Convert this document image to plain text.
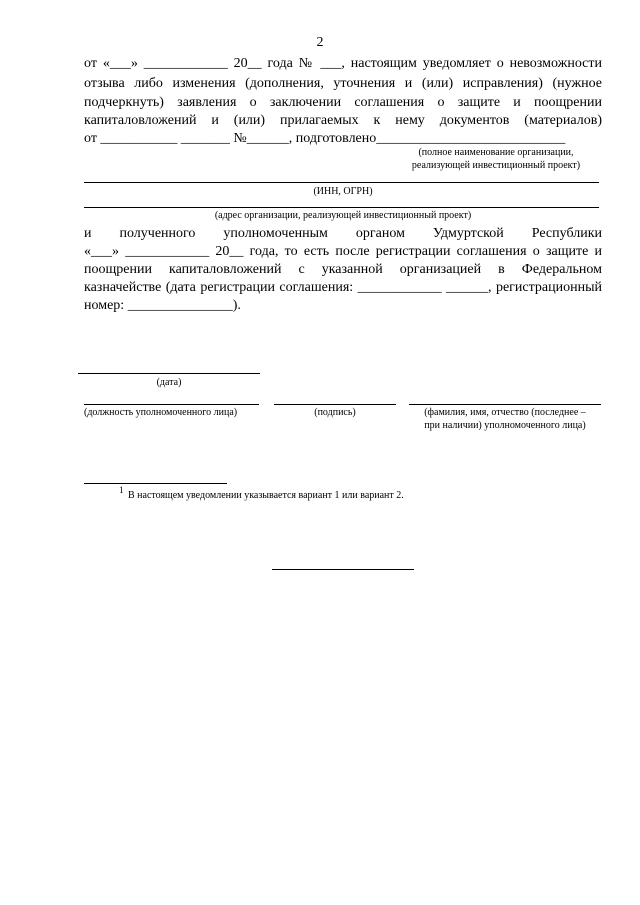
2
от «___» ____________ 20__ года № ___, настоящим уведомляет о невозможности
отзыва либо изменения (дополнения, уточнения и (или) исправления) (нужное
подчеркнуть) заявления о заключении соглашения о защите и поощрении
капиталовложений и (или) прилагаемых к нему документов (материалов)
от ___________ _______ №______, подготовлено___________________________
(полное наименование организации,
реализующей инвестиционный проект)
(ИНН, ОГРН)
(адрес организации, реализующей инвестиционный проект)
и полученного уполномоченным органом Удмуртской Республики
«___» ____________ 20__ года, то есть после регистрации соглашения о защите и
поощрении капиталовложений с указанной организацией в Федеральном
казначействе (дата регистрации соглашения: ____________ ______, регистрационный
номер: _______________).
(дата)
(должность уполномоченного лица)	(подпись)	(фамилия, имя, отчество (последнее –
при наличии) уполномоченного лица)
1 В настоящем уведомлении указывается вариант 1 или вариант 2.
